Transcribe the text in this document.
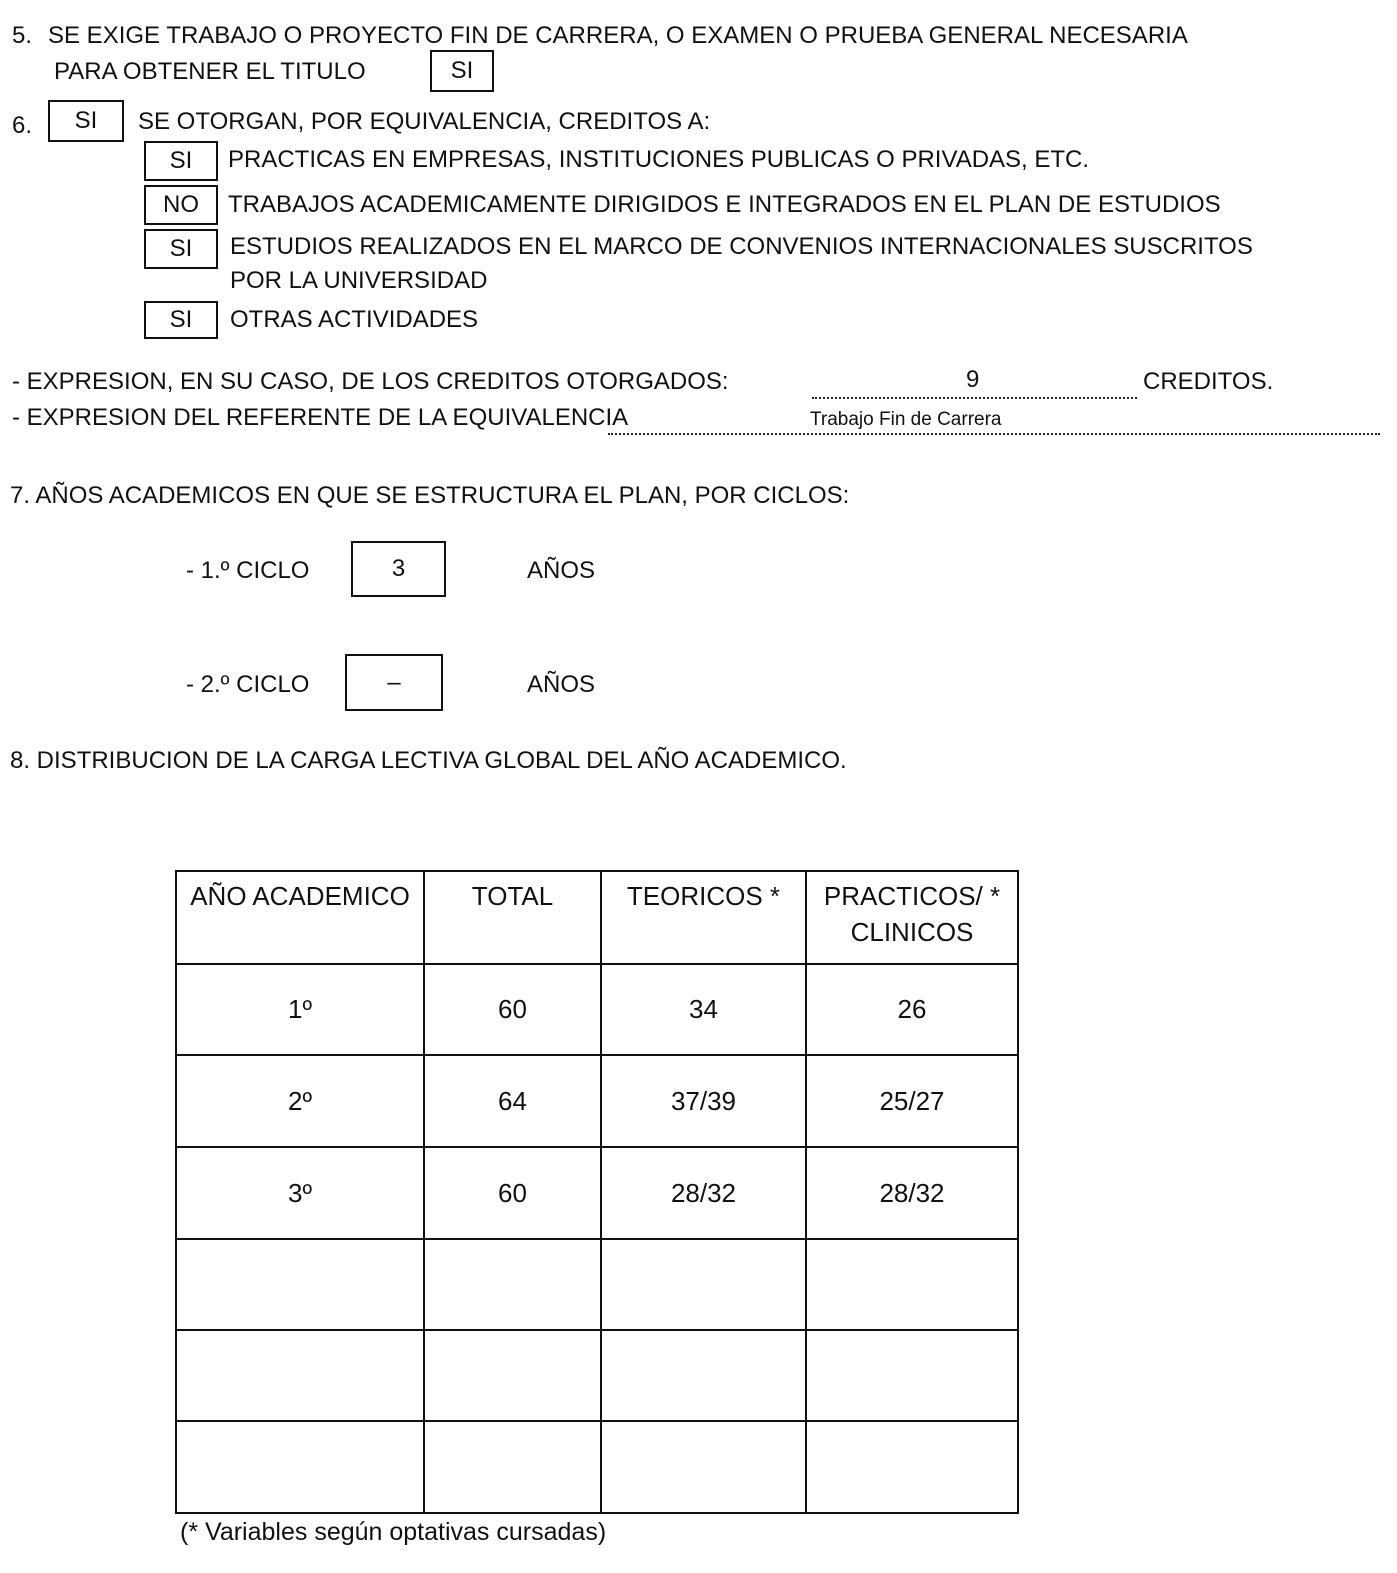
5. SE EXIGE TRABAJO O PROYECTO FIN DE CARRERA, O EXAMEN O PRUEBA GENERAL NECESARIA
PARA OBTENER EL TITULO	SI
6.	SI	SE OTORGAN, POR EQUIVALENCIA, CREDITOS A:
SI	PRACTICAS EN EMPRESAS, INSTITUCIONES PUBLICAS O PRIVADAS, ETC.
NO	TRABAJOS ACADEMICAMENTE DIRIGIDOS E INTEGRADOS EN EL PLAN DE ESTUDIOS
SI	ESTUDIOS REALIZADOS EN EL MARCO DE CONVENIOS INTERNACIONALES SUSCRITOS
POR LA UNIVERSIDAD
SI	OTRAS ACTIVIDADES
- EXPRESION, EN SU CASO, DE LOS CREDITOS OTORGADOS:	9	CREDITOS.
- EXPRESION DEL REFERENTE DE LA EQUIVALENCIA	Trabajo Fin de Carrera
7. AÑOS ACADEMICOS EN QUE SE ESTRUCTURA EL PLAN, POR CICLOS:
- 1.º CICLO	3	AÑOS
- 2.º CICLO	–	AÑOS
8. DISTRIBUCION DE LA CARGA LECTIVA GLOBAL DEL AÑO ACADEMICO.
AÑO ACADEMICO	TOTAL	TEORICOS *	PRACTICOS/ *
CLINICOS

1º	60	34	26
2º	64	37/39	25/27
3º	60	28/32	28/32

(* Variables según optativas cursadas)
